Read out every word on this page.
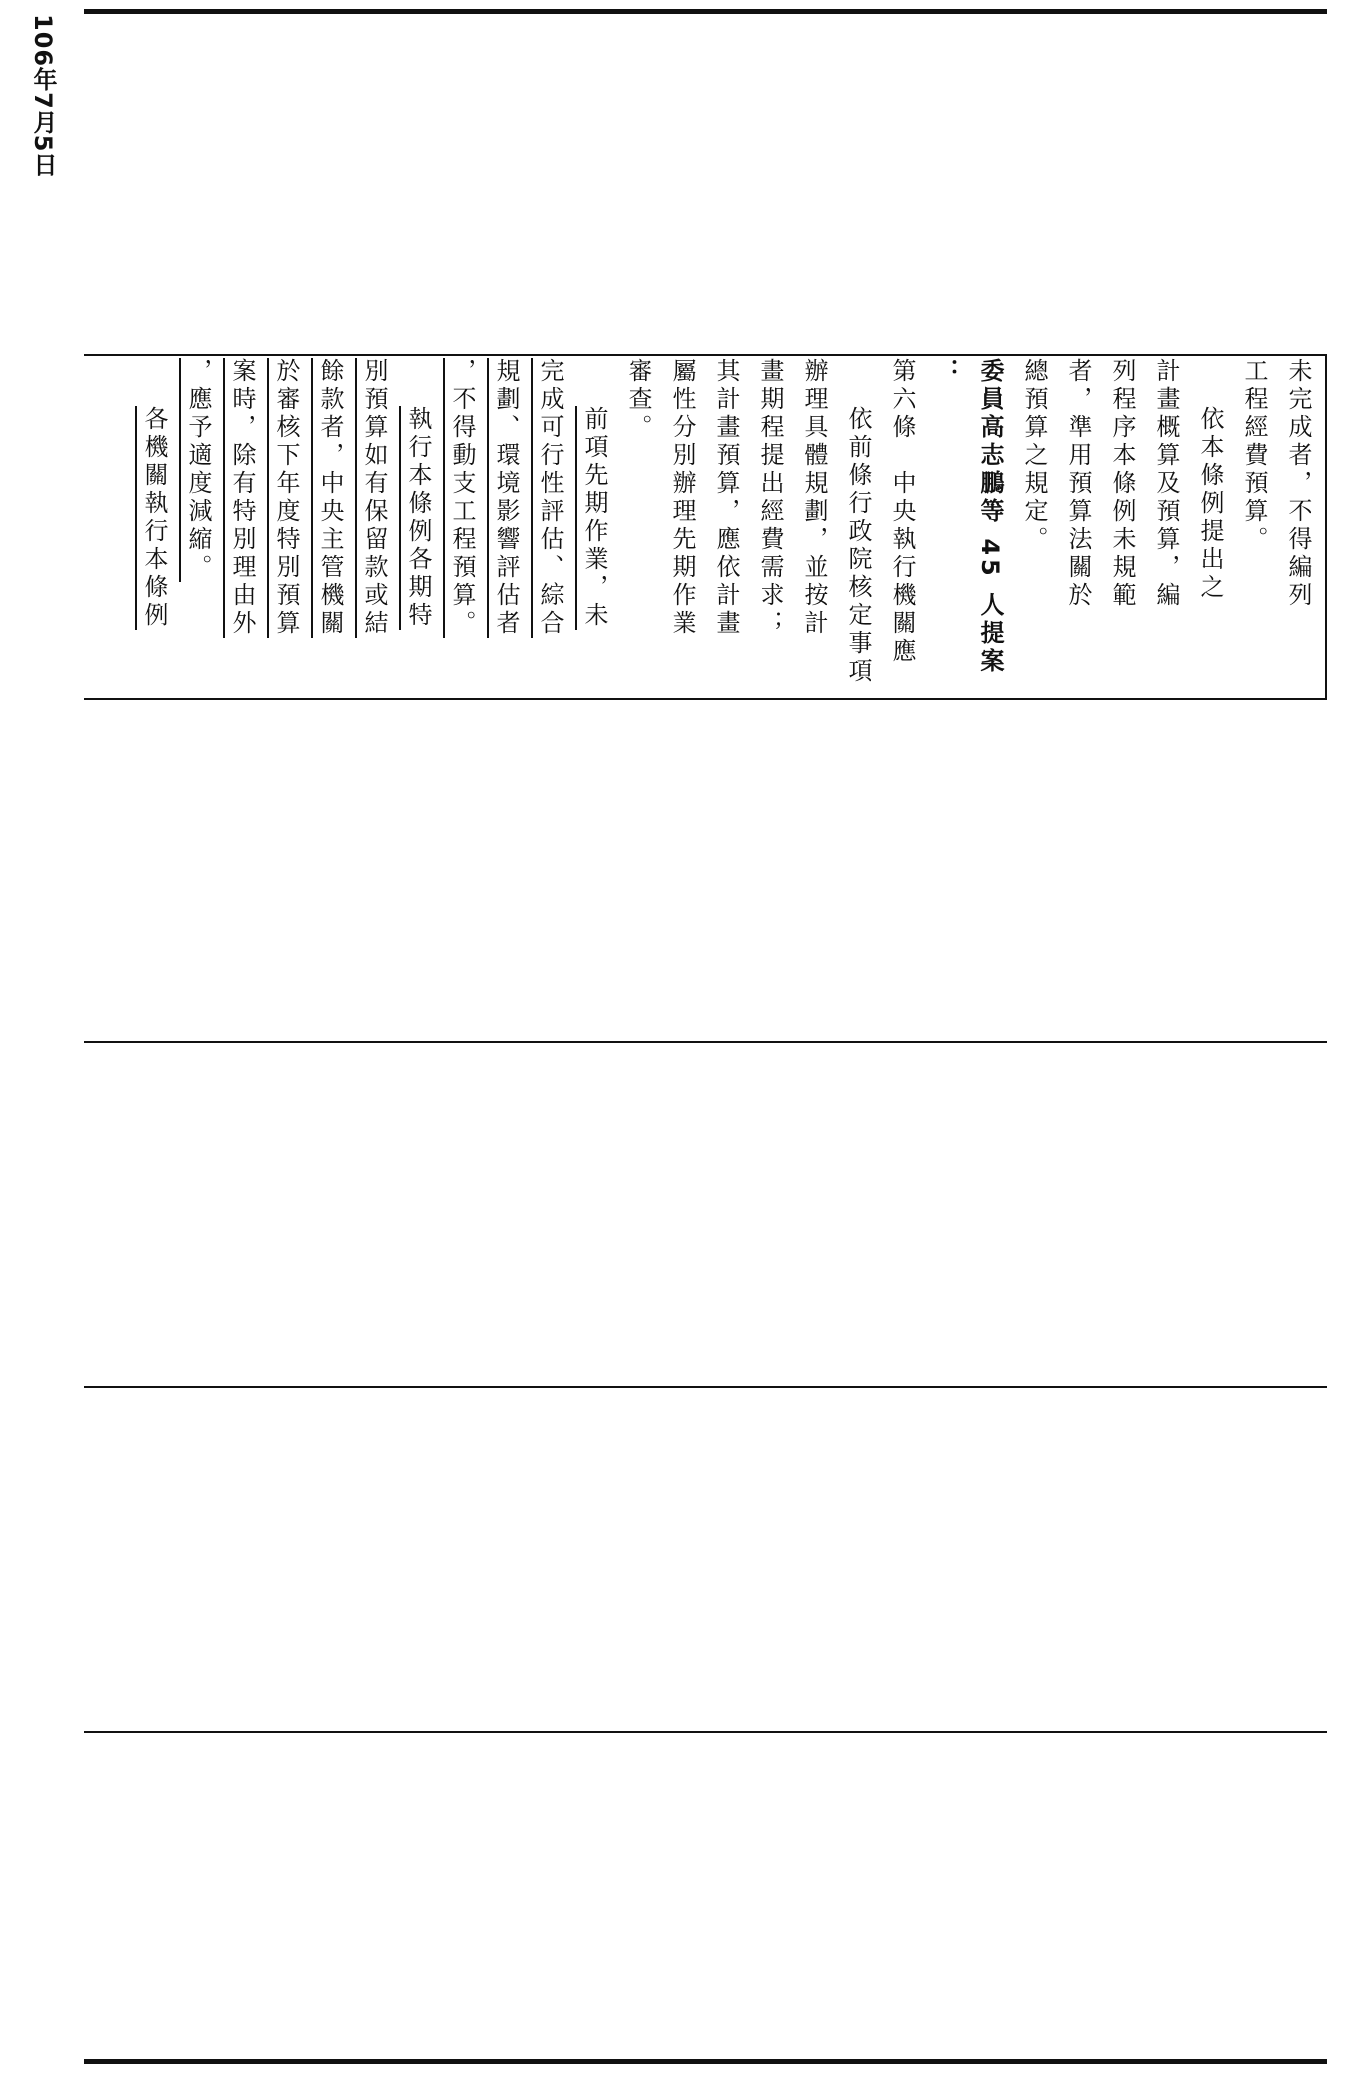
106年7月5日
未完成者，不得編列
工程經費預算。
依本條例提出之
計畫概算及預算，編
列程序本條例未規範
者，準用預算法關於
總預算之規定。
委員高志鵬等 45 人提案
：
第六條　中央執行機關應
依前條行政院核定事項
辦理具體規劃，並按計
畫期程提出經費需求；
其計畫預算，應依計畫
屬性分別辦理先期作業
審查。
前項先期作業，未
完成可行性評估、綜合
規劃、環境影響評估者
，不得動支工程預算。
執行本條例各期特
別預算如有保留款或結
餘款者，中央主管機關
於審核下年度特別預算
案時，除有特別理由外
，應予適度減縮。
各機關執行本條例
